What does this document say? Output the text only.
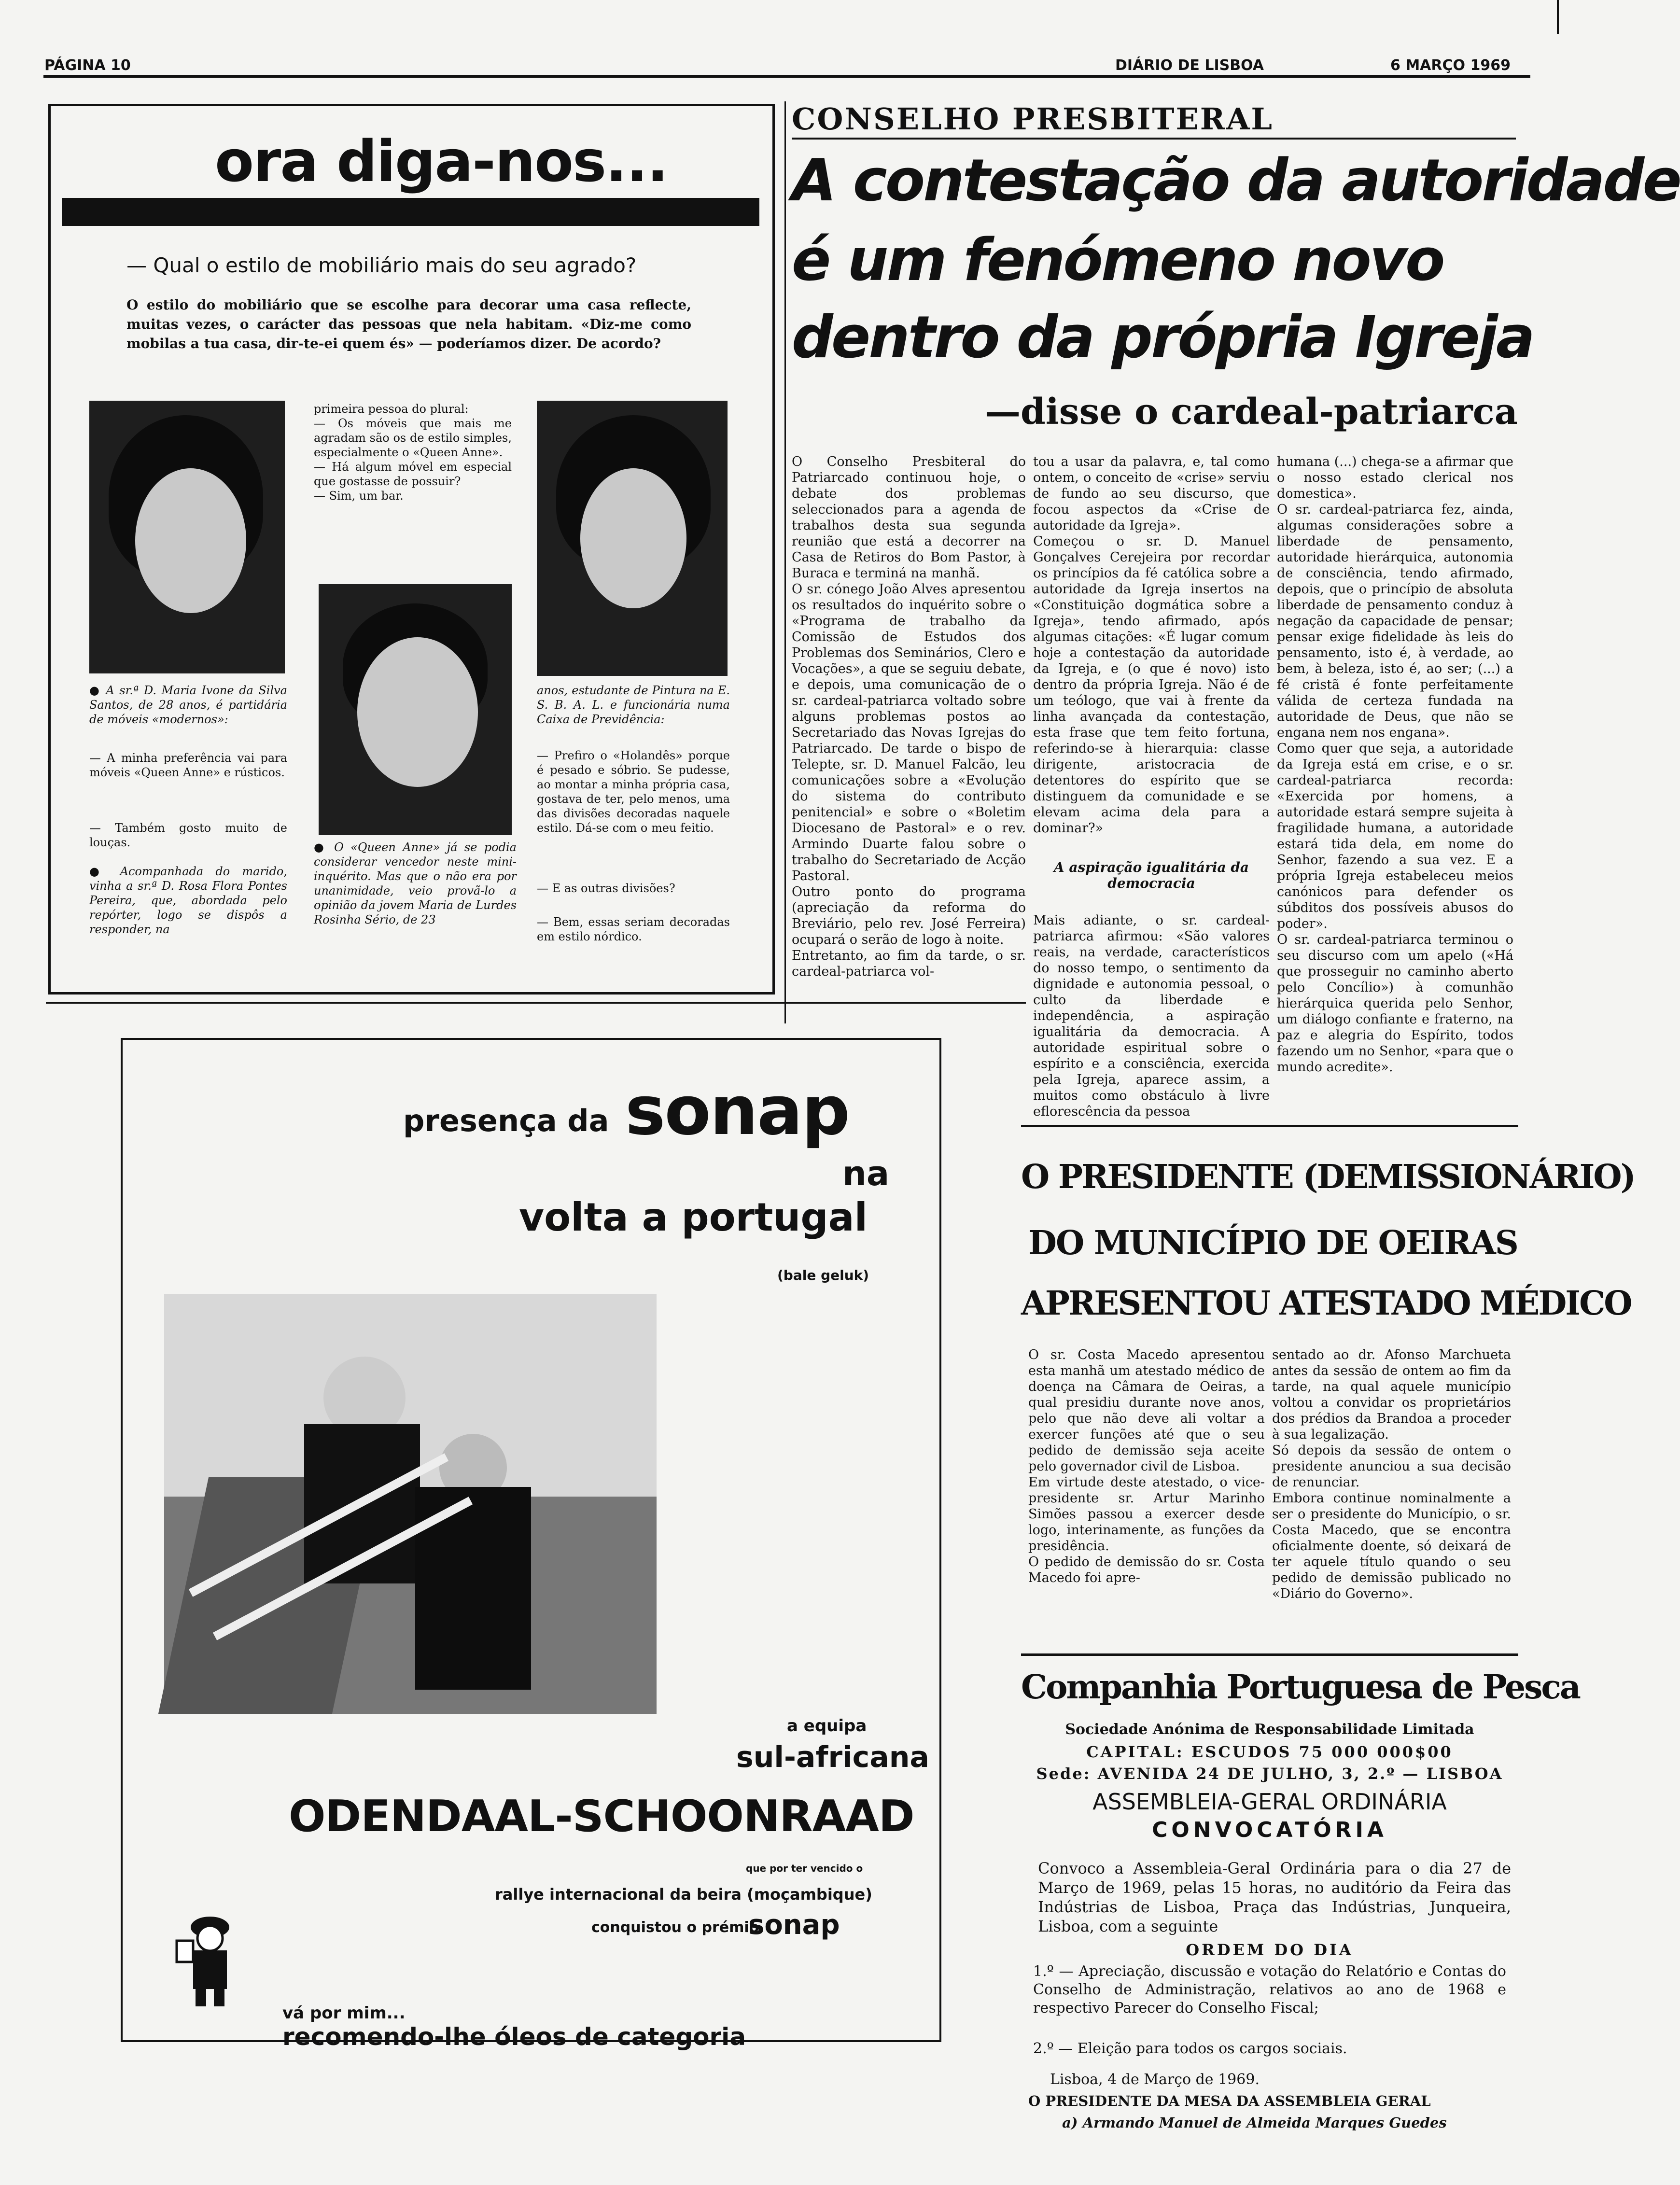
PÁGINA 10	DIÁRIO DE LISBOA	6 MARÇO 1969
ora diga-nos...
— Qual o estilo de mobiliário mais do seu agrado?
O estilo do mobiliário que se escolhe para decorar uma casa reflecte, muitas vezes, o carácter das pessoas que nela habitam. «Diz-me como mobilas a tua casa, dir-te-ei quem és» — poderíamos dizer. De acordo?
● A sr.ª D. Maria Ivone da Silva Santos, de 28 anos, é partidária de móveis «modernos»:
— A minha preferência vai para móveis «Queen Anne» e rústicos.
— Também gosto muito de louças.
● Acompanhada do marido, vinha a sr.ª D. Rosa Flora Pontes Pereira, que, abordada pelo repórter, logo se dispôs a responder, na
primeira pessoa do plural:
— Os móveis que mais me agradam são os de estilo simples, especialmente o «Queen Anne».
— Há algum móvel em especial que gostasse de possuir?
— Sim, um bar.
● O «Queen Anne» já se podia considerar vencedor neste mini-inquérito. Mas que o não era por unanimidade, veio provã-lo a opinião da jovem Maria de Lurdes Rosinha Sério, de 23
anos, estudante de Pintura na E. S. B. A. L. e funcionária numa Caixa de Previdência:
— Prefiro o «Holandês» porque é pesado e sóbrio. Se pudesse, ao montar a minha própria casa, gostava de ter, pelo menos, uma das divisões decoradas naquele estilo. Dá-se com o meu feitio.
— E as outras divisões?
— Bem, essas seriam decoradas em estilo nórdico.
CONSELHO PRESBITERAL
A contestação da autoridade
é um fenómeno novo
dentro da própria Igreja
—disse o cardeal-patriarca
O Conselho Presbiteral do Patriarcado continuou hoje, o debate dos problemas seleccionados para a agenda de trabalhos desta sua segunda reunião que está a decorrer na Casa de Retiros do Bom Pastor, à Buraca e terminá na manhã.
O sr. cónego João Alves apresentou os resultados do inquérito sobre o «Programa de trabalho da Comissão de Estudos dos Problemas dos Seminários, Clero e Vocações», a que se seguiu debate, e depois, uma comunicação de o sr. cardeal-patriarca voltado sobre alguns problemas postos ao Secretariado das Novas Igrejas do Patriarcado. De tarde o bispo de Telepte, sr. D. Manuel Falcão, leu comunicações sobre a «Evolução do sistema do contributo penitencial» e sobre o «Boletim Diocesano de Pastoral» e o rev. Armindo Duarte falou sobre o trabalho do Secretariado de Acção Pastoral.
Outro ponto do programa (apreciação da reforma do Breviário, pelo rev. José Ferreira) ocupará o serão de logo à noite.
Entretanto, ao fim da tarde, o sr. cardeal-patriarca vol-
tou a usar da palavra, e, tal como ontem, o conceito de «crise» serviu de fundo ao seu discurso, que focou aspectos da «Crise de autoridade da Igreja».
Começou o sr. D. Manuel Gonçalves Cerejeira por recordar os princípios da fé católica sobre a autoridade da Igreja insertos na «Constituição dogmática sobre a Igreja», tendo afirmado, após algumas citações: «É lugar comum hoje a contestação da autoridade da Igreja, e (o que é novo) isto dentro da própria Igreja. Não é de um teólogo, que vai à frente da linha avançada da contestação, esta frase que tem feito fortuna, referindo-se à hierarquia: classe dirigente, aristocracia de detentores do espírito que se distinguem da comunidade e se elevam acima dela para a dominar?»
A aspiração igualitária da democracia
Mais adiante, o sr. cardeal-patriarca afirmou: «São valores reais, na verdade, característicos do nosso tempo, o sentimento da dignidade e autonomia pessoal, o culto da liberdade e independência, a aspiração igualitária da democracia. A autoridade espiritual sobre o espírito e a consciência, exercida pela Igreja, aparece assim, a muitos como obstáculo à livre eflorescência da pessoa
humana (...) chega-se a afirmar que o nosso estado clerical nos domestica».
O sr. cardeal-patriarca fez, ainda, algumas considerações sobre a liberdade de pensamento, autoridade hierárquica, autonomia de consciência, tendo afirmado, depois, que o princípio de absoluta liberdade de pensamento conduz à negação da capacidade de pensar; pensar exige fidelidade às leis do pensamento, isto é, à verdade, ao bem, à beleza, isto é, ao ser; (...) a fé cristã é fonte perfeitamente válida de certeza fundada na autoridade de Deus, que não se engana nem nos engana».
Como quer que seja, a autoridade da Igreja está em crise, e o sr. cardeal-patriarca recorda: «Exercida por homens, a autoridade estará sempre sujeita à fragilidade humana, a autoridade estará tida dela, em nome do Senhor, fazendo a sua vez. E a própria Igreja estabeleceu meios canónicos para defender os súbditos dos possíveis abusos do poder».
O sr. cardeal-patriarca terminou o seu discurso com um apelo («Há que prosseguir no caminho aberto pelo Concílio») à comunhão hierárquica querida pelo Senhor, um diálogo confiante e fraterno, na paz e alegria do Espírito, todos fazendo um no Senhor, «para que o mundo acredite».
presença da sonap
na
volta a portugal
(bale geluk)
a equipa
sul-africana
ODENDAAL-SCHOONRAAD
que por ter vencido o
rallye internacional da beira (moçambique)
conquistou o prémio
sonap
vá por mim...
recomendo-lhe óleos de categoria
O PRESIDENTE (DEMISSIONÁRIO)
DO MUNICÍPIO DE OEIRAS
APRESENTOU ATESTADO MÉDICO
O sr. Costa Macedo apresentou esta manhã um atestado médico de doença na Câmara de Oeiras, a qual presidiu durante nove anos, pelo que não deve ali voltar a exercer funções até que o seu pedido de demissão seja aceite pelo governador civil de Lisboa.
Em virtude deste atestado, o vice-presidente sr. Artur Marinho Simões passou a exercer desde logo, interinamente, as funções da presidência.
O pedido de demissão do sr. Costa Macedo foi apre-
sentado ao dr. Afonso Marchueta antes da sessão de ontem ao fim da tarde, na qual aquele município voltou a convidar os proprietários dos prédios da Brandoa a proceder à sua legalização.
Só depois da sessão de ontem o presidente anunciou a sua decisão de renunciar.
Embora continue nominalmente a ser o presidente do Município, o sr. Costa Macedo, que se encontra oficialmente doente, só deixará de ter aquele título quando o seu pedido de demissão publicado no «Diário do Governo».
Companhia Portuguesa de Pesca
Sociedade Anónima de Responsabilidade Limitada
CAPITAL: ESCUDOS 75 000 000$00
Sede: AVENIDA 24 DE JULHO, 3, 2.º — LISBOA
ASSEMBLEIA-GERAL ORDINÁRIA
CONVOCATÓRIA
Convoco a Assembleia-Geral Ordinária para o dia 27 de Março de 1969, pelas 15 horas, no auditório da Feira das Indústrias de Lisboa, Praça das Indústrias, Junqueira, Lisboa, com a seguinte
ORDEM DO DIA
1.º — Apreciação, discussão e votação do Relatório e Contas do Conselho de Administração, relativos ao ano de 1968 e respectivo Parecer do Conselho Fiscal;
2.º — Eleição para todos os cargos sociais.
Lisboa, 4 de Março de 1969.
O PRESIDENTE DA MESA DA ASSEMBLEIA GERAL
a) Armando Manuel de Almeida Marques Guedes
